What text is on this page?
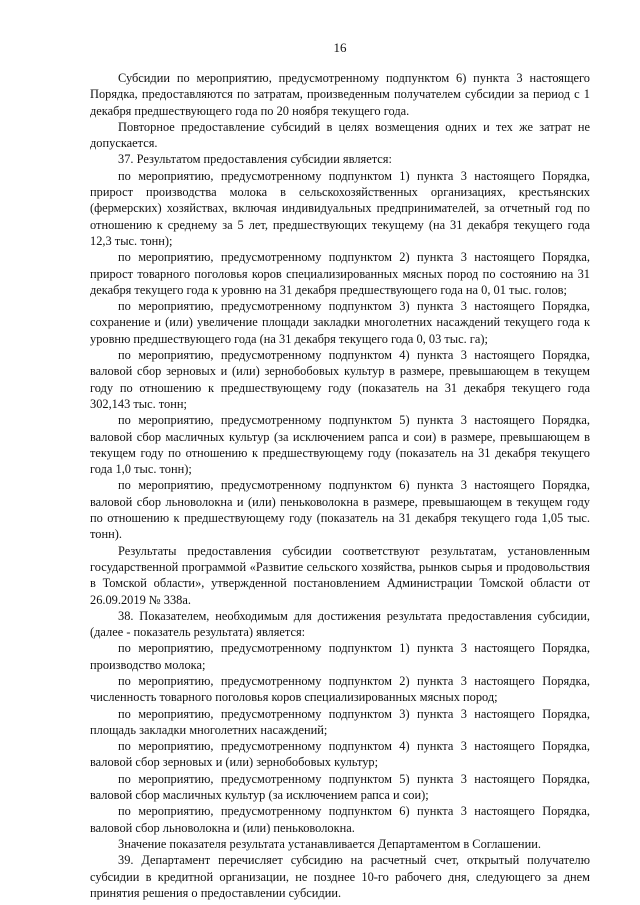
16

Субсидии по мероприятию, предусмотренному подпунктом 6) пункта 3 настоящего Порядка, предоставляются по затратам, произведенным получателем субсидии за период с 1 декабря предшествующего года по 20 ноября текущего года.

Повторное предоставление субсидий в целях возмещения одних и тех же затрат не допускается.

37. Результатом предоставления субсидии является:

по мероприятию, предусмотренному подпунктом 1) пункта 3 настоящего Порядка, прирост производства молока в сельскохозяйственных организациях, крестьянских (фермерских) хозяйствах, включая индивидуальных предпринимателей, за отчетный год по отношению к среднему за 5 лет, предшествующих текущему (на 31 декабря текущего года 12,3 тыс. тонн);

по мероприятию, предусмотренному подпунктом 2) пункта 3 настоящего Порядка, прирост товарного поголовья коров специализированных мясных пород по состоянию на 31 декабря текущего года к уровню на 31 декабря предшествующего года на 0, 01 тыс. голов;

по мероприятию, предусмотренному подпунктом 3) пункта 3 настоящего Порядка, сохранение и (или) увеличение площади закладки многолетних насаждений текущего года к уровню предшествующего года (на 31 декабря текущего года 0, 03 тыс. га);

по мероприятию, предусмотренному подпунктом 4) пункта 3 настоящего Порядка, валовой сбор зерновых и (или) зернобобовых культур в размере, превышающем в текущем году по отношению к предшествующему году (показатель на 31 декабря текущего года 302,143 тыс. тонн;

по мероприятию, предусмотренному подпунктом 5) пункта 3 настоящего Порядка, валовой сбор масличных культур (за исключением рапса и сои) в размере, превышающем в текущем году по отношению к предшествующему году (показатель на 31 декабря текущего года 1,0 тыс. тонн);

по мероприятию, предусмотренному подпунктом 6) пункта 3 настоящего Порядка, валовой сбор льноволокна и (или) пеньковолокна в размере, превышающем в текущем году по отношению к предшествующему году (показатель на 31 декабря текущего года 1,05 тыс. тонн).

Результаты предоставления субсидии соответствуют результатам, установленным государственной программой «Развитие сельского хозяйства, рынков сырья и продовольствия в Томской области», утвержденной постановлением Администрации Томской области от 26.09.2019 № 338а.

38. Показателем, необходимым для достижения результата предоставления субсидии, (далее - показатель результата) является:

по мероприятию, предусмотренному подпунктом 1) пункта 3 настоящего Порядка, производство молока;

по мероприятию, предусмотренному подпунктом 2) пункта 3 настоящего Порядка, численность товарного поголовья коров специализированных мясных пород;

по мероприятию, предусмотренному подпунктом 3) пункта 3 настоящего Порядка, площадь закладки многолетних насаждений;

по мероприятию, предусмотренному подпунктом 4) пункта 3 настоящего Порядка, валовой сбор зерновых и (или) зернобобовых культур;

по мероприятию, предусмотренному подпунктом 5) пункта 3 настоящего Порядка, валовой сбор масличных культур (за исключением рапса и сои);

по мероприятию, предусмотренному подпунктом 6) пункта 3 настоящего Порядка, валовой сбор льноволокна и (или) пеньковолокна.

Значение показателя результата устанавливается Департаментом в Соглашении.

39. Департамент перечисляет субсидию на расчетный счет, открытый получателю субсидии в кредитной организации, не позднее 10-го рабочего дня, следующего за днем принятия решения о предоставлении субсидии.
